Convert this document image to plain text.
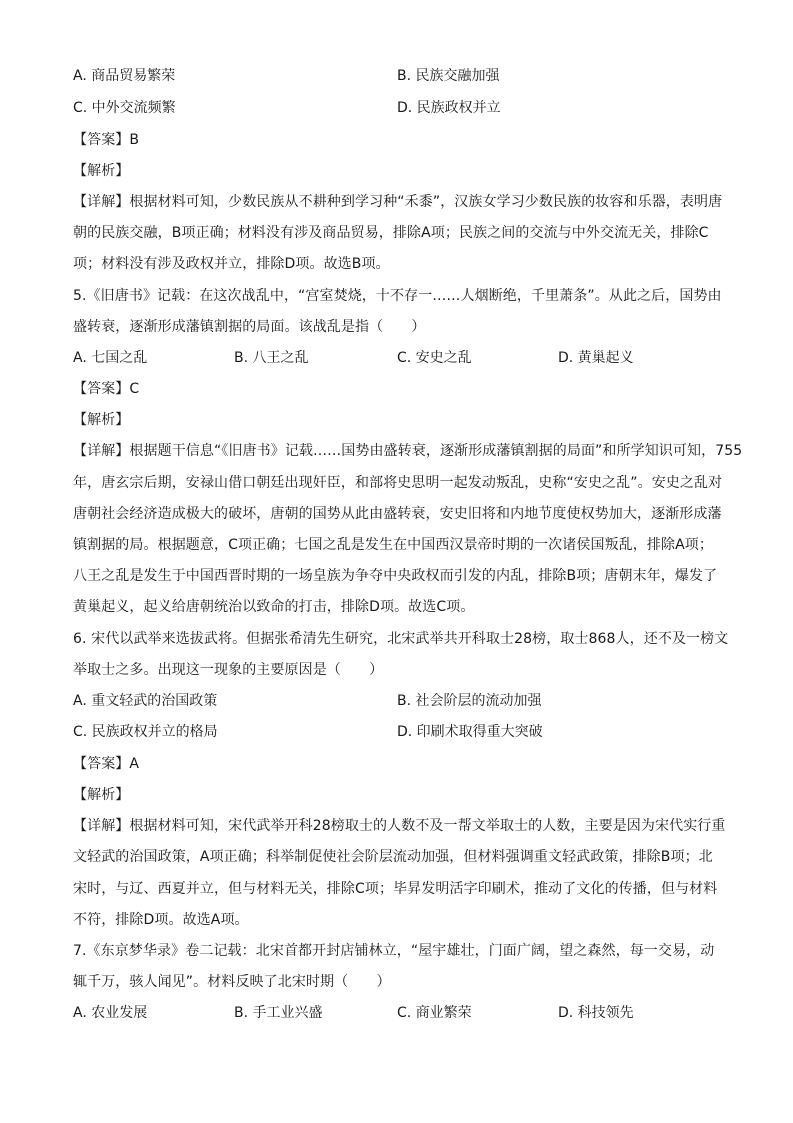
A. 商品贸易繁荣	B. 民族交融加强
C. 中外交流频繁	D. 民族政权并立
【答案】B
【解析】
【详解】根据材料可知，少数民族从不耕种到学习种“禾黍”，汉族女学习少数民族的妆容和乐器，表明唐
朝的民族交融，B项正确；材料没有涉及商品贸易，排除A项；民族之间的交流与中外交流无关，排除C
项；材料没有涉及政权并立，排除D项。故选B项。
5.《旧唐书》记载：在这次战乱中，“宫室焚烧，十不存一……人烟断绝，千里萧条”。从此之后，国势由
盛转衰，逐渐形成藩镇割据的局面。该战乱是指（　　）
A. 七国之乱	B. 八王之乱	C. 安史之乱	D. 黄巢起义
【答案】C
【解析】
【详解】根据题干信息“《旧唐书》记载……国势由盛转衰，逐渐形成藩镇割据的局面”和所学知识可知，755
年，唐玄宗后期，安禄山借口朝廷出现奸臣，和部将史思明一起发动叛乱，史称“安史之乱”。安史之乱对
唐朝社会经济造成极大的破坏，唐朝的国势从此由盛转衰，安史旧将和内地节度使权势加大，逐渐形成藩
镇割据的局。根据题意，C项正确；七国之乱是发生在中国西汉景帝时期的一次诸侯国叛乱，排除A项；
八王之乱是发生于中国西晋时期的一场皇族为争夺中央政权而引发的内乱，排除B项；唐朝末年，爆发了
黄巢起义，起义给唐朝统治以致命的打击，排除D项。故选C项。
6. 宋代以武举来选拔武将。但据张希清先生研究，北宋武举共开科取士28榜，取士868人，还不及一榜文
举取士之多。出现这一现象的主要原因是（　　）
A. 重文轻武的治国政策	B. 社会阶层的流动加强
C. 民族政权并立的格局	D. 印刷术取得重大突破
【答案】A
【解析】
【详解】根据材料可知，宋代武举开科28榜取士的人数不及一帮文举取士的人数，主要是因为宋代实行重
文轻武的治国政策，A项正确；科举制促使社会阶层流动加强，但材料强调重文轻武政策，排除B项；北
宋时，与辽、西夏并立，但与材料无关，排除C项；毕昇发明活字印刷术，推动了文化的传播，但与材料
不符，排除D项。故选A项。
7.《东京梦华录》卷二记载：北宋首都开封店铺林立，“屋宇雄壮，门面广阔，望之森然，每一交易，动
辄千万，骇人闻见”。材料反映了北宋时期（　　）
A. 农业发展	B. 手工业兴盛	C. 商业繁荣	D. 科技领先
